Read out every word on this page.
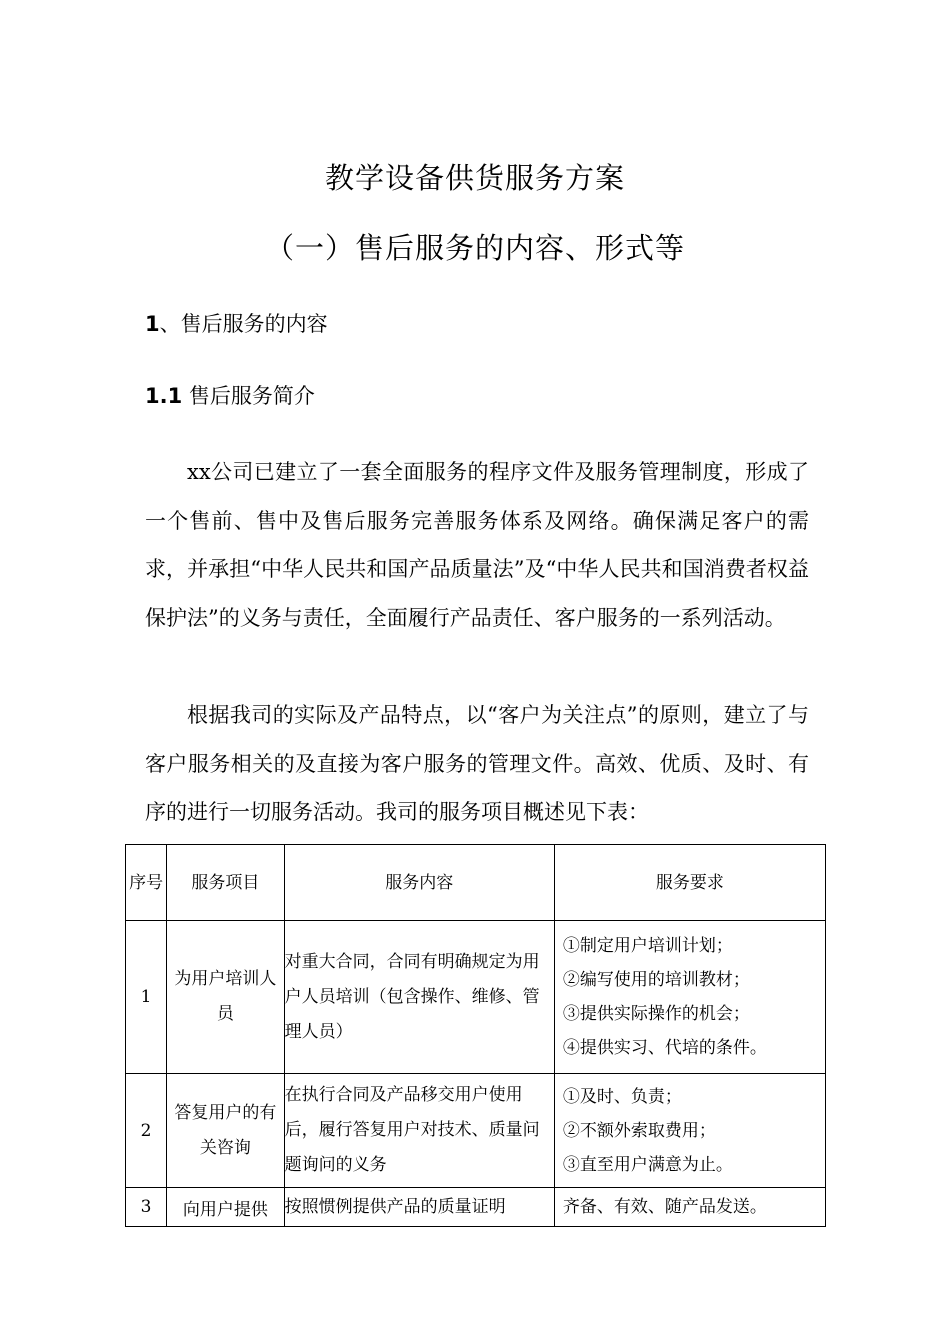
教学设备供货服务方案
（一）售后服务的内容、形式等
1、售后服务的内容
1.1 售后服务简介
xx公司已建立了一套全面服务的程序文件及服务管理制度，形成了一个售前、售中及售后服务完善服务体系及网络。确保满足客户的需求，并承担“中华人民共和国产品质量法”及“中华人民共和国消费者权益保护法”的义务与责任，全面履行产品责任、客户服务的一系列活动。
根据我司的实际及产品特点，以“客户为关注点”的原则，建立了与客户服务相关的及直接为客户服务的管理文件。高效、优质、及时、有序的进行一切服务活动。我司的服务项目概述见下表：
序号	服务项目	服务内容	服务要求
1	为用户培训人员	对重大合同，合同有明确规定为用户人员培训（包含操作、维修、管理人员）	①制定用户培训计划；
②编写使用的培训教材；
③提供实际操作的机会；
④提供实习、代培的条件。

2	答复用户的有关咨询	在执行合同及产品移交用户使用后，履行答复用户对技术、质量问题询问的义务	①及时、负责；
②不额外索取费用；
③直至用户满意为止。

3	向用户提供	按照惯例提供产品的质量证明	齐备、有效、随产品发送。
